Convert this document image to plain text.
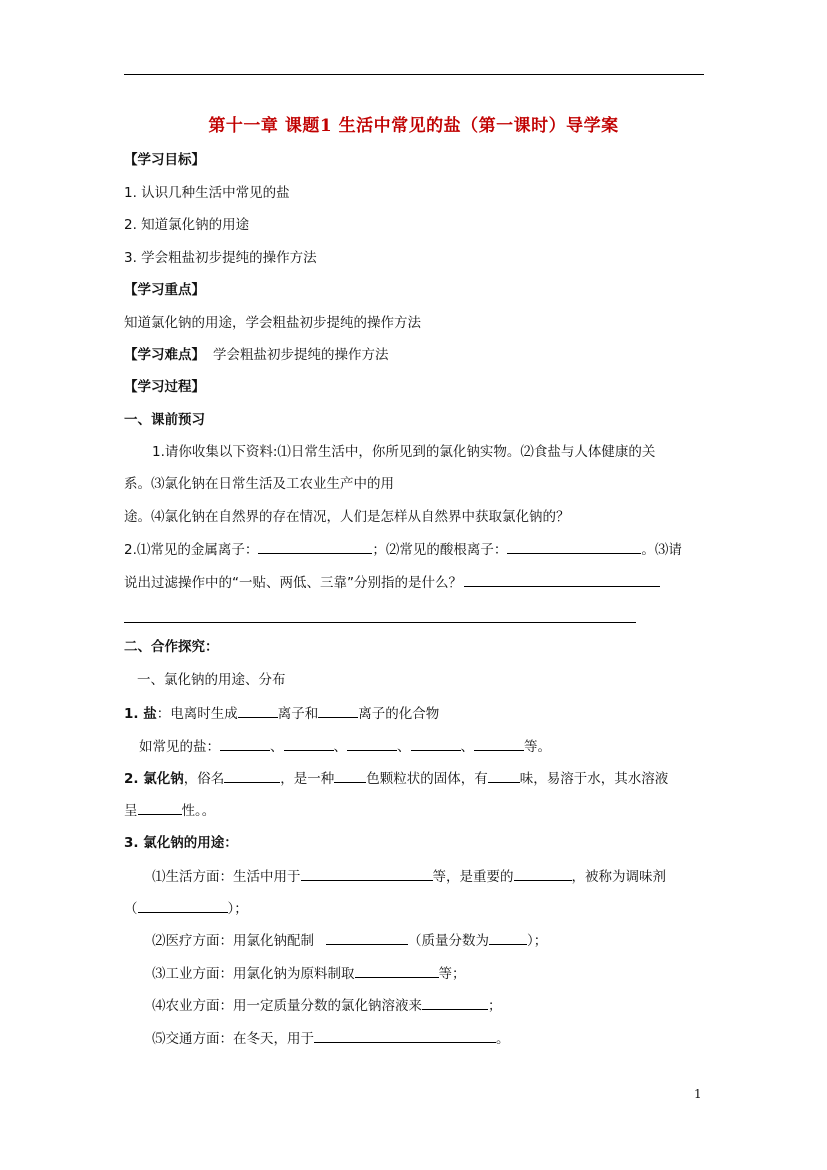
第十一章 课题1 生活中常见的盐（第一课时）导学案
【学习目标】
1. 认识几种生活中常见的盐
2. 知道氯化钠的用途
3. 学会粗盐初步提纯的操作方法
【学习重点】
知道氯化钠的用途，学会粗盐初步提纯的操作方法
【学习难点】 学会粗盐初步提纯的操作方法
【学习过程】
一、课前预习
1.请你收集以下资料:⑴日常生活中，你所见到的氯化钠实物。⑵食盐与人体健康的关
系。⑶氯化钠在日常生活及工农业生产中的用
途。⑷氯化钠在自然界的存在情况，人们是怎样从自然界中获取氯化钠的？
2.⑴常见的金属离子：	；⑵常见的酸根离子：	。⑶请
说出过滤操作中的“一贴、两低、三靠”分别指的是什么？
二、合作探究：
一、氯化钠的用途、分布
1. 盐：电离时生成	离子和	离子的化合物
如常见的盐：	、	、	、	、	等。
2. 氯化钠，俗名	，是一种 色颗粒状的固体，有 味，易溶于水，其水溶液
呈	性。。
3. 氯化钠的用途：
⑴生活方面：生活中用于	等，是重要的	，被称为调味剂
（	）；
⑵医疗方面：用氯化钠配制	（质量分数为	）；
⑶工业方面：用氯化钠为原料制取	等；
⑷农业方面：用一定质量分数的氯化钠溶液来	；
⑸交通方面：在冬天，用于	。
1
